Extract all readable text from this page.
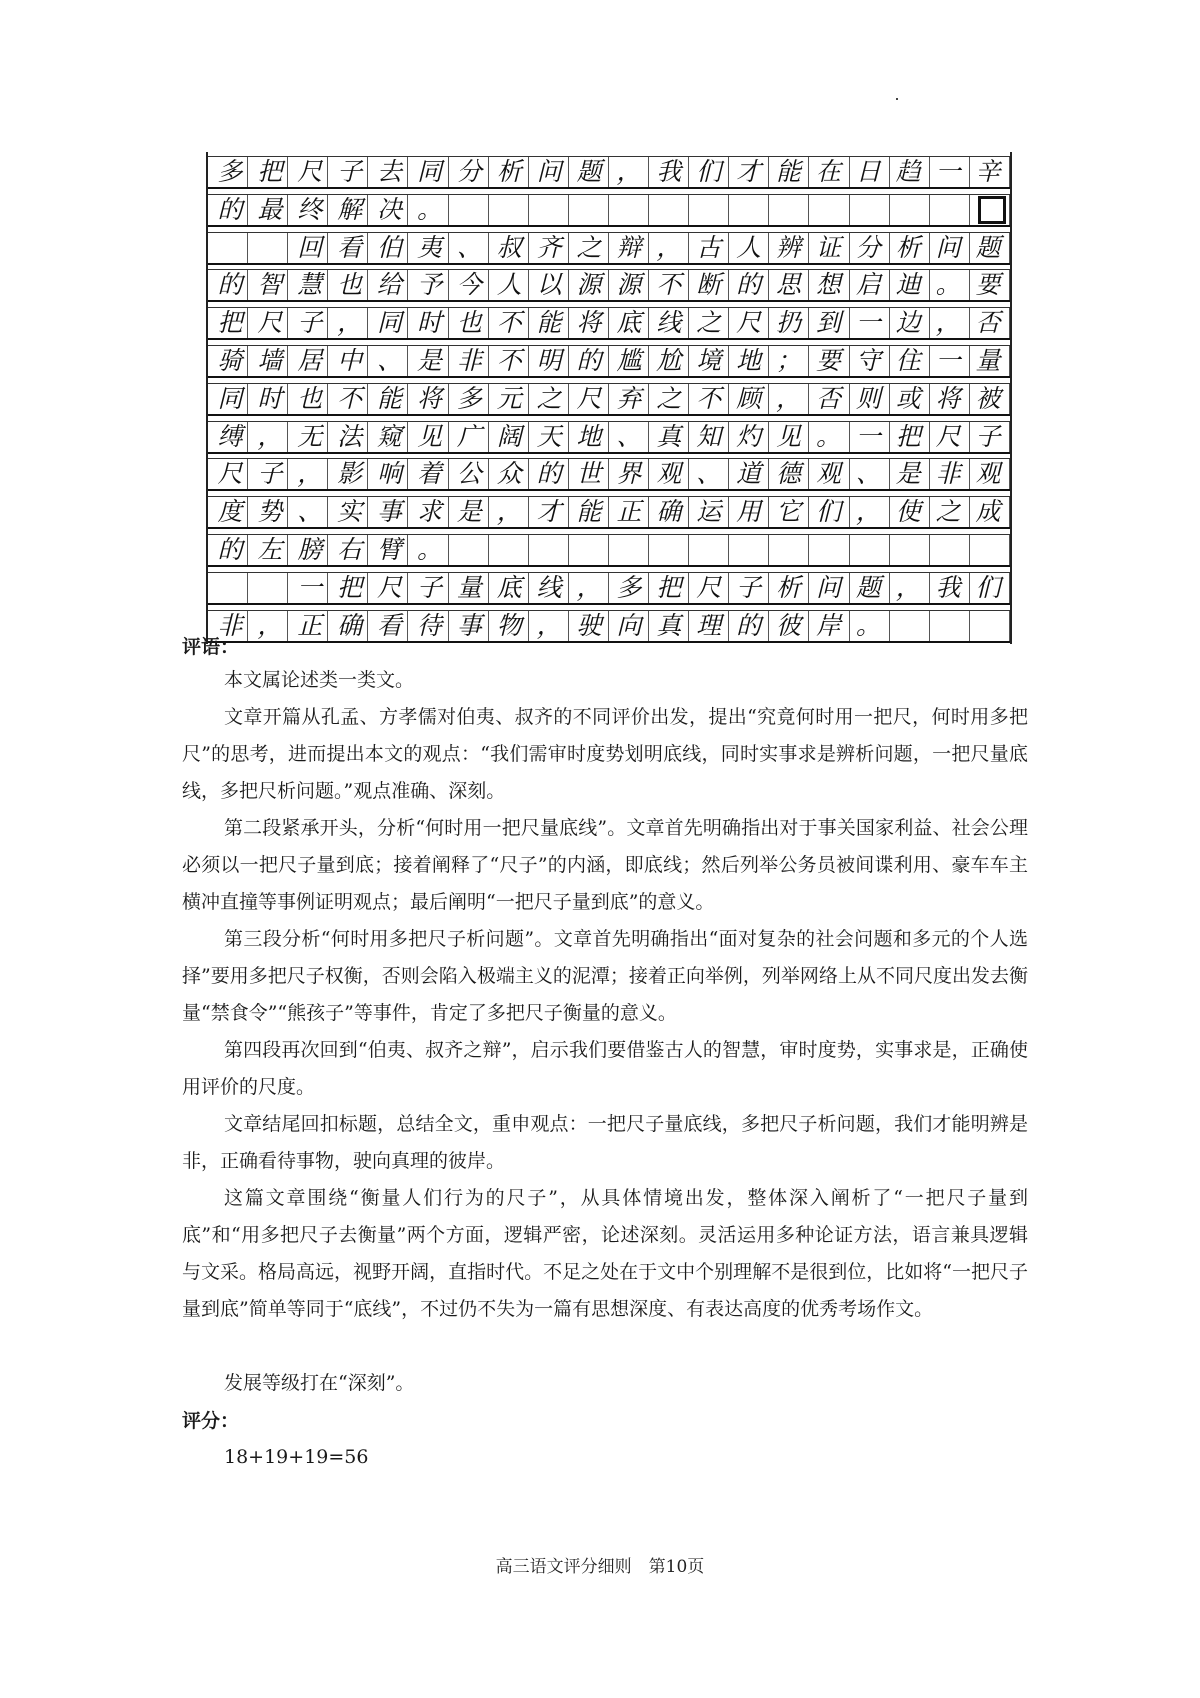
多 把 尺 子 去 同 分 析 问 题 ， 我 们 才 能 在 日 趋 一 辛
的 最 终 解 决 。

回 看 伯 夷 、 叔 齐 之 辩 ， 古 人 辨 证 分 析 问 题
的 智 慧 也 给 予 今 人 以 源 源 不 断 的 思 想 启 迪 。 要
把 尺 子 ， 同 时 也 不 能 将 底 线 之 尺 扔 到 一 边 ， 否
骑 墙 居 中 、 是 非 不 明 的 尴 尬 境 地 ； 要 守 住 一 量
同 时 也 不 能 将 多 元 之 尺 弃 之 不 顾 ， 否 则 或 将 被
缚 ， 无 法 窥 见 广 阔 天 地 、 真 知 灼 见 。 一 把 尺 子
尺 子 ， 影 响 着 公 众 的 世 界 观 、 道 德 观 、 是 非 观
度 势 、 实 事 求 是 ， 才 能 正 确 运 用 它 们 ， 使 之 成
的 左 膀 右 臂 。

一 把 尺 子 量 底 线 ， 多 把 尺 子 析 问 题 ， 我 们
非 ， 正 确 看 待 事 物 ， 驶 向 真 理 的 彼 岸 。
评语：

本文属论述类一类文。

文章开篇从孔孟、方孝儒对伯夷、叔齐的不同评价出发，提出“究竟何时用一把尺，何时用多把尺”的思考，进而提出本文的观点：“我们需审时度势划明底线，同时实事求是辨析问题，一把尺量底线，多把尺析问题。”观点准确、深刻。

第二段紧承开头，分析“何时用一把尺量底线”。文章首先明确指出对于事关国家利益、社会公理必须以一把尺子量到底；接着阐释了“尺子”的内涵，即底线；然后列举公务员被间谍利用、豪车车主横冲直撞等事例证明观点；最后阐明“一把尺子量到底”的意义。

第三段分析“何时用多把尺子析问题”。文章首先明确指出“面对复杂的社会问题和多元的个人选择”要用多把尺子权衡，否则会陷入极端主义的泥潭；接着正向举例，列举网络上从不同尺度出发去衡量“禁食令”“熊孩子”等事件，肯定了多把尺子衡量的意义。

第四段再次回到“伯夷、叔齐之辩”，启示我们要借鉴古人的智慧，审时度势，实事求是，正确使用评价的尺度。

文章结尾回扣标题，总结全文，重申观点：一把尺子量底线，多把尺子析问题，我们才能明辨是非，正确看待事物，驶向真理的彼岸。

这篇文章围绕“衡量人们行为的尺子”，从具体情境出发，整体深入阐析了“一把尺子量到底”和“用多把尺子去衡量”两个方面，逻辑严密，论述深刻。灵活运用多种论证方法，语言兼具逻辑与文采。格局高远，视野开阔，直指时代。不足之处在于文中个别理解不是很到位，比如将“一把尺子量到底”简单等同于“底线”，不过仍不失为一篇有思想深度、有表达高度的优秀考场作文。

发展等级打在“深刻”。

评分：
18+19+19=56
高三语文评分细则　第10页
